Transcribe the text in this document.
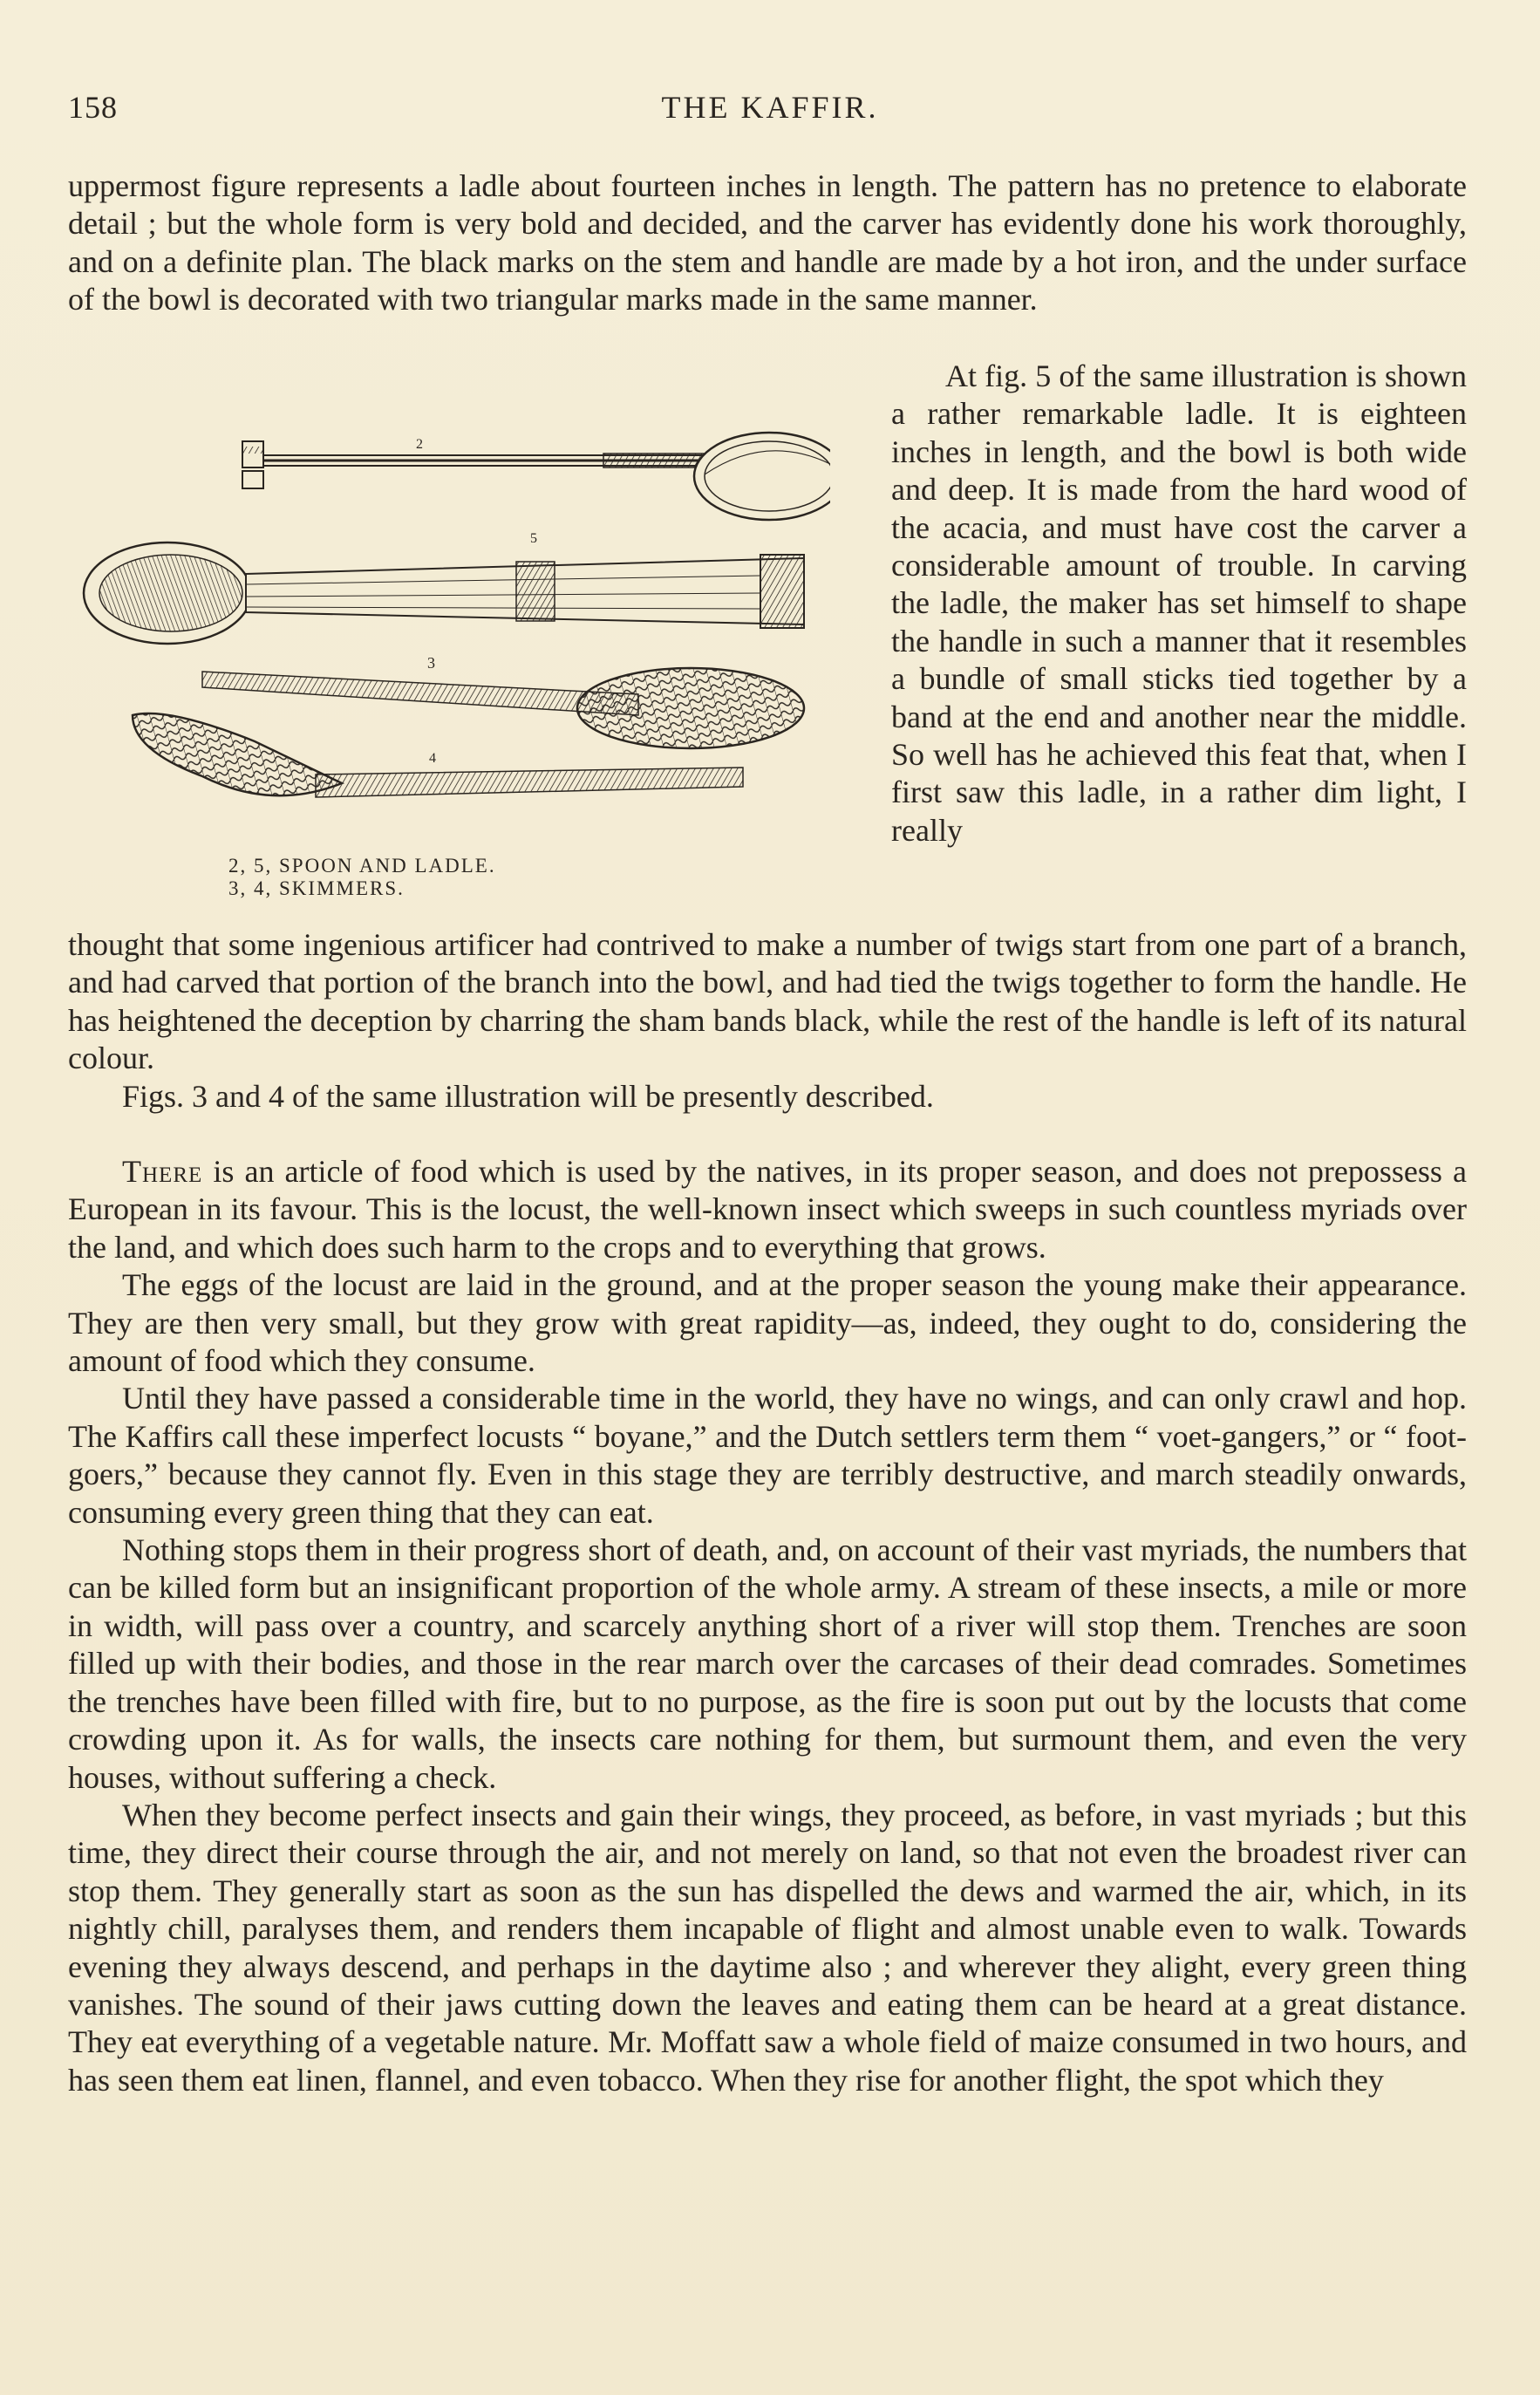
158	THE KAFFIR.

uppermost figure represents a ladle about fourteen inches in length. The pattern has no pretence to elaborate detail ; but the whole form is very bold and decided, and the carver has evidently done his work thoroughly, and on a definite plan. The black marks on the stem and handle are made by a hot iron, and the under surface of the bowl is decorated with two triangular marks made in the same manner.

2
5
3
4
2, 5, SPOON AND LADLE.
3, 4, SKIMMERS.

At fig. 5 of the same illustration is shown a rather remarkable ladle. It is eighteen inches in length, and the bowl is both wide and deep. It is made from the hard wood of the acacia, and must have cost the carver a considerable amount of trouble. In carving the ladle, the maker has set himself to shape the handle in such a manner that it resembles a bundle of small sticks tied together by a band at the end and another near the middle. So well has he achieved this feat that, when I first saw this ladle, in a rather dim light, I really

thought that some ingenious artificer had contrived to make a number of twigs start from one part of a branch, and had carved that portion of the branch into the bowl, and had tied the twigs together to form the handle. He has heightened the deception by charring the sham bands black, while the rest of the handle is left of its natural colour.

Figs. 3 and 4 of the same illustration will be presently described.

There is an article of food which is used by the natives, in its proper season, and does not prepossess a European in its favour. This is the locust, the well-known insect which sweeps in such countless myriads over the land, and which does such harm to the crops and to everything that grows.

The eggs of the locust are laid in the ground, and at the proper season the young make their appearance. They are then very small, but they grow with great rapidity—as, indeed, they ought to do, considering the amount of food which they consume.

Until they have passed a considerable time in the world, they have no wings, and can only crawl and hop. The Kaffirs call these imperfect locusts “ boyane,” and the Dutch settlers term them “ voet-gangers,” or “ foot-goers,” because they cannot fly. Even in this stage they are terribly destructive, and march steadily onwards, consuming every green thing that they can eat.

Nothing stops them in their progress short of death, and, on account of their vast myriads, the numbers that can be killed form but an insignificant proportion of the whole army. A stream of these insects, a mile or more in width, will pass over a country, and scarcely anything short of a river will stop them. Trenches are soon filled up with their bodies, and those in the rear march over the carcases of their dead comrades. Sometimes the trenches have been filled with fire, but to no purpose, as the fire is soon put out by the locusts that come crowding upon it. As for walls, the insects care nothing for them, but surmount them, and even the very houses, without suffering a check.

When they become perfect insects and gain their wings, they proceed, as before, in vast myriads ; but this time, they direct their course through the air, and not merely on land, so that not even the broadest river can stop them. They generally start as soon as the sun has dispelled the dews and warmed the air, which, in its nightly chill, paralyses them, and renders them incapable of flight and almost unable even to walk. Towards evening they always descend, and perhaps in the daytime also ; and wherever they alight, every green thing vanishes. The sound of their jaws cutting down the leaves and eating them can be heard at a great distance. They eat everything of a vegetable nature. Mr. Moffatt saw a whole field of maize consumed in two hours, and has seen them eat linen, flannel, and even tobacco. When they rise for another flight, the spot which they
